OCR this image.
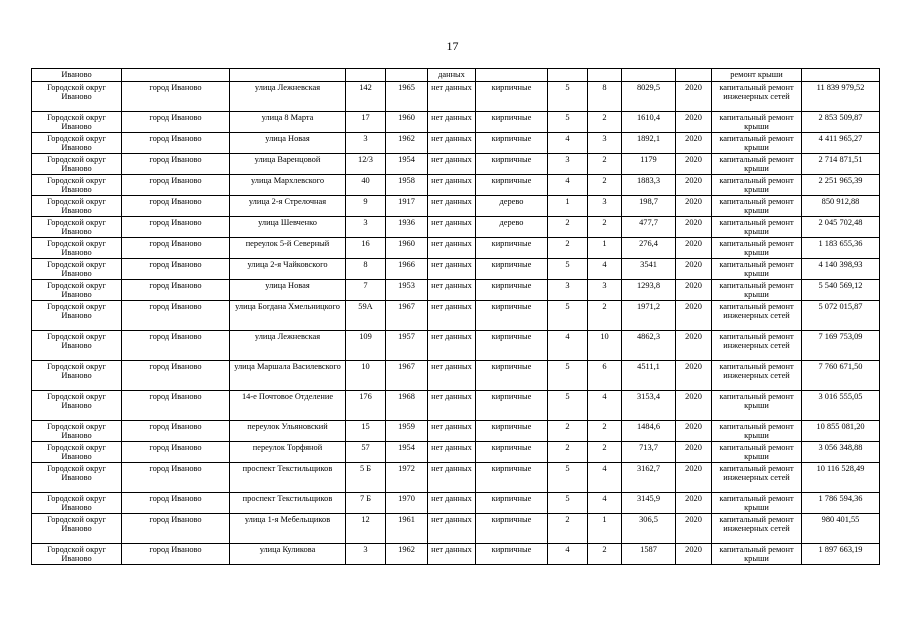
17
Иваново					данных						ремонт крыши	
Городской округ Иваново	город Иваново	улица Лежневская	142	1965	нет данных	кирпичные	5	8	8029,5	2020	капитальный ремонт инженерных сетей	11 839 979,52
Городской округ Иваново	город Иваново	улица 8 Марта	17	1960	нет данных	кирпичные	5	2	1610,4	2020	капитальный ремонт крыши	2 853 509,87
Городской округ Иваново	город Иваново	улица Новая	3	1962	нет данных	кирпичные	4	3	1892,1	2020	капитальный ремонт крыши	4 411 965,27
Городской округ Иваново	город Иваново	улица Варенцовой	12/3	1954	нет данных	кирпичные	3	2	1179	2020	капитальный ремонт крыши	2 714 871,51
Городской округ Иваново	город Иваново	улица Мархлевского	40	1958	нет данных	кирпичные	4	2	1883,3	2020	капитальный ремонт крыши	2 251 965,39
Городской округ Иваново	город Иваново	улица 2-я Стрелочная	9	1917	нет данных	дерево	1	3	198,7	2020	капитальный ремонт крыши	850 912,88
Городской округ Иваново	город Иваново	улица Шевченко	3	1936	нет данных	дерево	2	2	477,7	2020	капитальный ремонт крыши	2 045 702,48
Городской округ Иваново	город Иваново	переулок 5-й Северный	16	1960	нет данных	кирпичные	2	1	276,4	2020	капитальный ремонт крыши	1 183 655,36
Городской округ Иваново	город Иваново	улица 2-я Чайковского	8	1966	нет данных	кирпичные	5	4	3541	2020	капитальный ремонт крыши	4 140 398,93
Городской округ Иваново	город Иваново	улица Новая	7	1953	нет данных	кирпичные	3	3	1293,8	2020	капитальный ремонт крыши	5 540 569,12
Городской округ Иваново	город Иваново	улица Богдана Хмельницкого	59А	1967	нет данных	кирпичные	5	2	1971,2	2020	капитальный ремонт инженерных сетей	5 072 015,87
Городской округ Иваново	город Иваново	улица Лежневская	109	1957	нет данных	кирпичные	4	10	4862,3	2020	капитальный ремонт инженерных сетей	7 169 753,09
Городской округ Иваново	город Иваново	улица Маршала Василевского	10	1967	нет данных	кирпичные	5	6	4511,1	2020	капитальный ремонт инженерных сетей	7 760 671,50
Городской округ Иваново	город Иваново	14-е Почтовое Отделение	176	1968	нет данных	кирпичные	5	4	3153,4	2020	капитальный ремонт крыши	3 016 555,05
Городской округ Иваново	город Иваново	переулок Ульяновский	15	1959	нет данных	кирпичные	2	2	1484,6	2020	капитальный ремонт крыши	10 855 081,20
Городской округ Иваново	город Иваново	переулок Торфяной	57	1954	нет данных	кирпичные	2	2	713,7	2020	капитальный ремонт крыши	3 056 348,88
Городской округ Иваново	город Иваново	проспект Текстильщиков	5 Б	1972	нет данных	кирпичные	5	4	3162,7	2020	капитальный ремонт инженерных сетей	10 116 528,49
Городской округ Иваново	город Иваново	проспект Текстильщиков	7 Б	1970	нет данных	кирпичные	5	4	3145,9	2020	капитальный ремонт крыши	1 786 594,36
Городской округ Иваново	город Иваново	улица 1-я Мебельщиков	12	1961	нет данных	кирпичные	2	1	306,5	2020	капитальный ремонт инженерных сетей	980 401,55
Городской округ Иваново	город Иваново	улица Куликова	3	1962	нет данных	кирпичные	4	2	1587	2020	капитальный ремонт крыши	1 897 663,19
